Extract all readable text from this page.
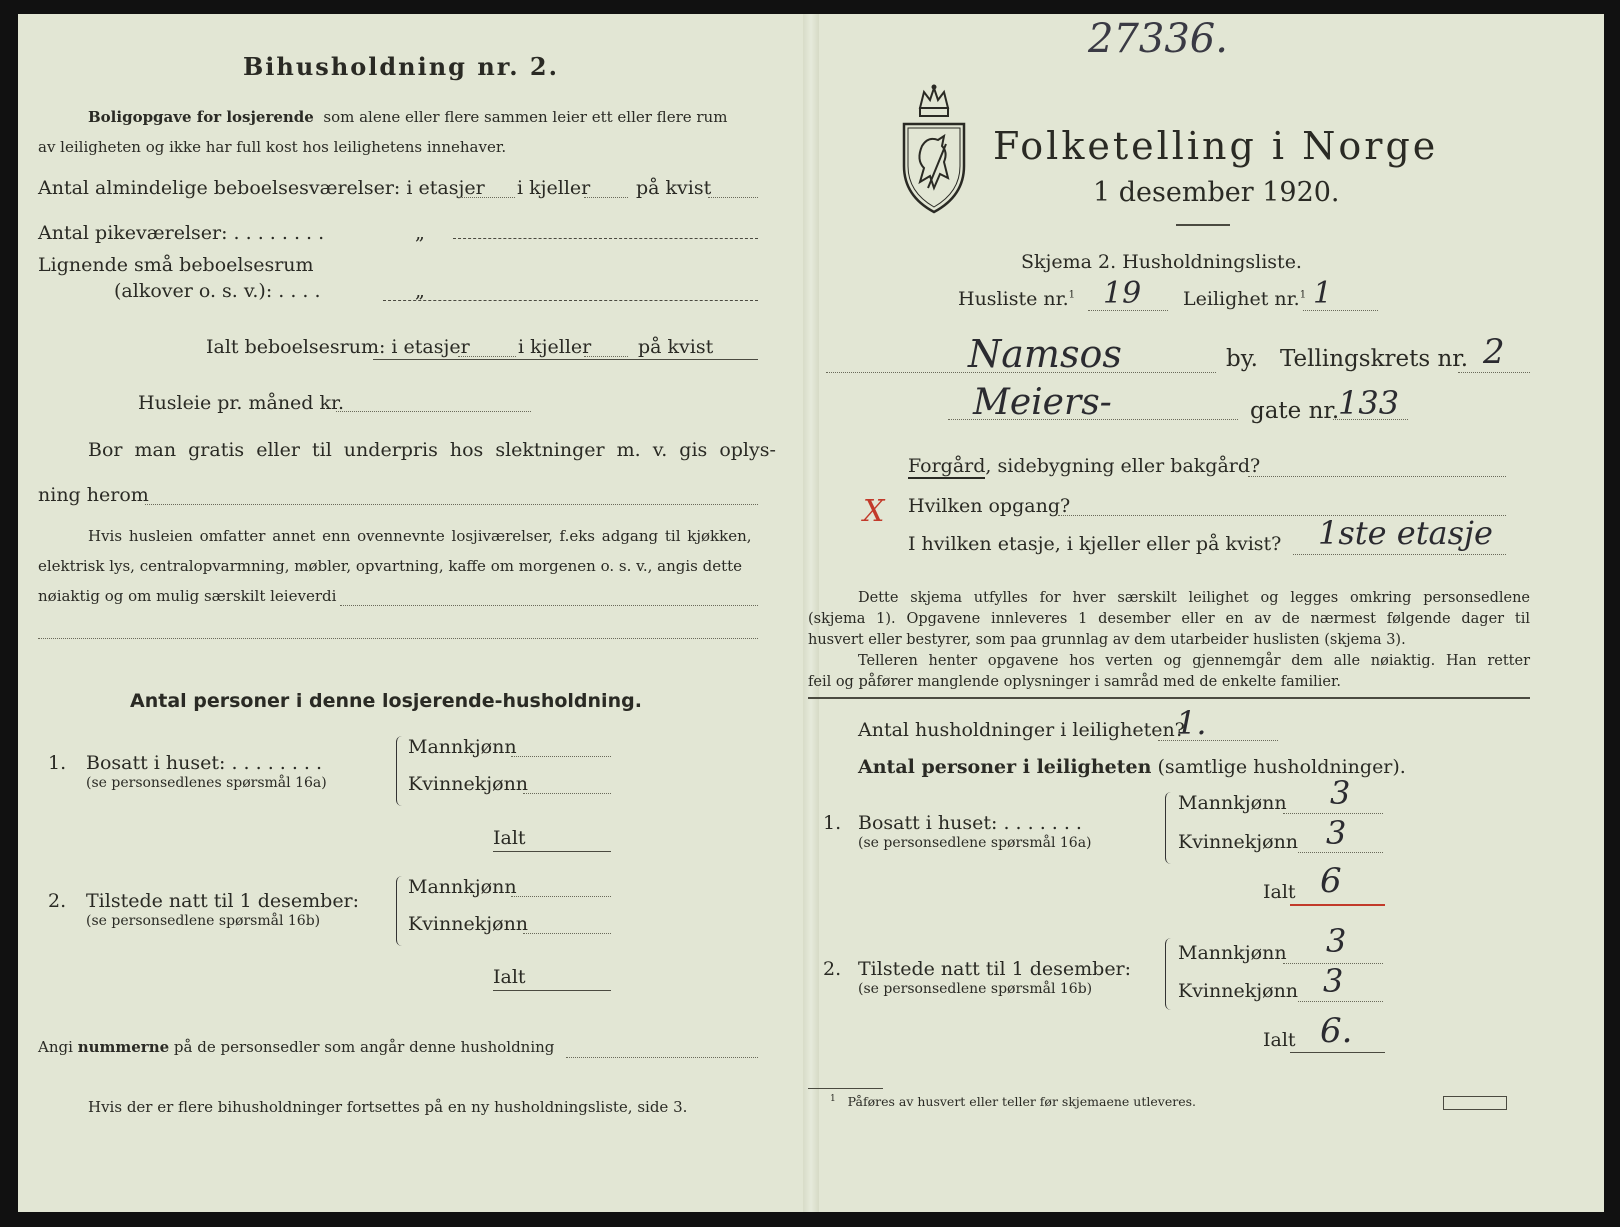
Bihusholdning nr. 2.
Boligopgave for losjerende som alene eller flere sammen leier ett eller flere rum
av leiligheten og ikke har full kost hos leilighetens innehaver.
Antal almindelige beboelsesværelser: i etasjer i kjeller på kvist
Antal pikeværelser: . . . . . . . .	„
Lignende små beboelsesrum
(alkover o. s. v.): . . . .	„
Ialt beboelsesrum: i etasjer	i kjeller på kvist
Husleie pr. måned kr.
Bor man gratis eller til underpris hos slektninger m. v. gis oplys-
ning herom
Hvis husleien omfatter annet enn ovennevnte losjiværelser, f.eks adgang til kjøkken,
elektrisk lys, centralopvarmning, møbler, opvartning, kaffe om morgenen o. s. v., angis dette
nøiaktig og om mulig særskilt leieverdi
Antal personer i denne losjerende-husholdning.
1. Bosatt i huset: . . . . . . . .
(se personsedlenes spørsmål 16a)
Mannkjønn
Kvinnekjønn
Ialt
2. Tilstede natt til 1 desember:
(se personsedlene spørsmål 16b)
Mannkjønn
Kvinnekjønn
Ialt
Angi nummerne på de personsedler som angår denne husholdning
Hvis der er flere bihusholdninger fortsettes på en ny husholdningsliste, side 3.
27336.
Folketelling i Norge
1 desember 1920.
Skjema 2. Husholdningsliste.
Husliste nr.$^1$ 19 Leilighet nr.$^1$ 1
Namsos	by. Tellingskrets nr. 2
Meiers-	gate nr.
133
Forgård, sidebygning eller bakgård?
X Hvilken opgang?
I hvilken etasje, i kjeller eller på kvist? 1ste etasje
Dette skjema utfylles for hver særskilt leilighet og legges omkring personsedlene
(skjema 1). Opgavene innleveres 1 desember eller en av de nærmest følgende dager til
husvert eller bestyrer, som paa grunnlag av dem utarbeider huslisten (skjema 3).
Telleren henter opgavene hos verten og gjennemgår dem alle nøiaktig. Han retter
feil og påfører manglende oplysninger i samråd med de enkelte familier.
Antal husholdninger i leiligheten?
1.
Antal personer i leiligheten (samtlige husholdninger).
1. Bosatt i huset: . . . . . . .
(se personsedlene spørsmål 16a)
Mannkjønn 3
Kvinnekjønn 3
Ialt 6
2. Tilstede natt til 1 desember:
(se personsedlene spørsmål 16b)
Mannkjønn 3
Kvinnekjønn 3
Ialt 6.
$^1$ Påføres av husvert eller teller før skjemaene utleveres.
